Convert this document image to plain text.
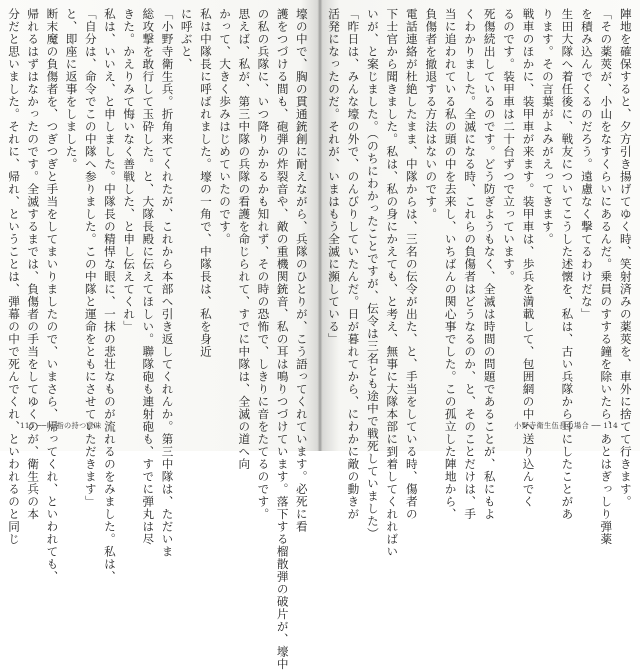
壕の中で、胸の貫通銃創に耐えながら、兵隊のひとりが、こう語ってくれています。必死に看
護をつづける間も、砲弾の炸裂音や、敵の重機関銃音、私の耳は鳴りつづけています。落下する榴散弾の破片が、壕中
の私の兵隊に、いつ降りかかるかも知れず、その時の恐怖で、しきりに音をたてるのです。
思えば、私が、第三中隊の兵隊の看護を命じられて、すでに中隊は、全滅の道へ向
かって、大きく歩みはじめていたのです。
私は中隊長に呼ばれました。壕の一角で、中隊長は、私を身近
に呼ぶと、
「小野寺衛生兵。折角来てくれたが、これから本部へ引き返してくれんか。第三中隊は、ただいま
総攻撃を敢行して玉砕した。と、大隊長殿に伝えてほしい。聯隊砲も連射砲も、すでに弾丸は尽
きた。かえりみて悔いなく善戦した、と申し伝えてくれ」
私は、いいえ、と申しました。中隊長の精悍な眼に、一抹の悲壮なものが流れるのをみました。私は、
「自分は、命令でこの中隊へ参りました。この中隊と運命をともにさせていただきます」
と、即座に返事をしました。
断末魔の負傷者を、つぎつぎと手当をしてまいりましたので、いまさら、帰ってくれ、といわれても、
帰れるはずはなかったのです。全滅するまでは、負傷者の手当をしてゆくのが、衛生兵の本
分だと思いました。それに、帰れ、ということは、弾幕の中で死んでくれ、といわれるのと同じ 115 ── 小指の持つ意味	陣地を確保すると、夕方引き揚げてゆく時、笑射済みの薬莢を、車外に捨てて行きます。
「その薬莢が、小山をなすくらいにあるんだ。乗員のすする鐘を除いたら、あとはぎっしり弾薬
を積み込んでくるのだろう。遠慮なく撃てるわけだな」
生田大隊へ着任後に、戦友についてこうした述懐を、私は、古い兵隊から耳にしたことがあ
ります。その言葉がよみがえってきます。
戦車のほかに、装甲車が来ます。装甲車は、歩兵を満載して、包囲網の中へ送り込んでく
るのです。装甲車は二十台ずつで立っています。
死傷続出しているのです。どう防ぎようもなく、全滅は時間の問題であることが、私にもよ
くわかりました。全滅になる時、これらの負傷者はどうなるのか、と、そのことだけは、手
当に追われている私の頭の中を去来し、いちばんの関心事でした。この孤立した陣地から、
負傷者を撤退する方法はないのです。
電話連絡が杜絶したまま、中隊からは、三名の伝令が出た、と、手当をしている時、傷者の
下士官から聞きました。私は、私の身にかえても、と考え、無事に大隊本部に到着してくれればい
いが、と案じました。（のちにわかったことですが、伝令は三名とも途中で戦死していました）
「昨日は、みんな壕の外で、のんびりしていたんだ。日が暮れてから、にわかに敵の動きが
活発になったのだ。それが、いまはもう全滅に瀕している」
小野寺衛生伍長の場合 ── 114
